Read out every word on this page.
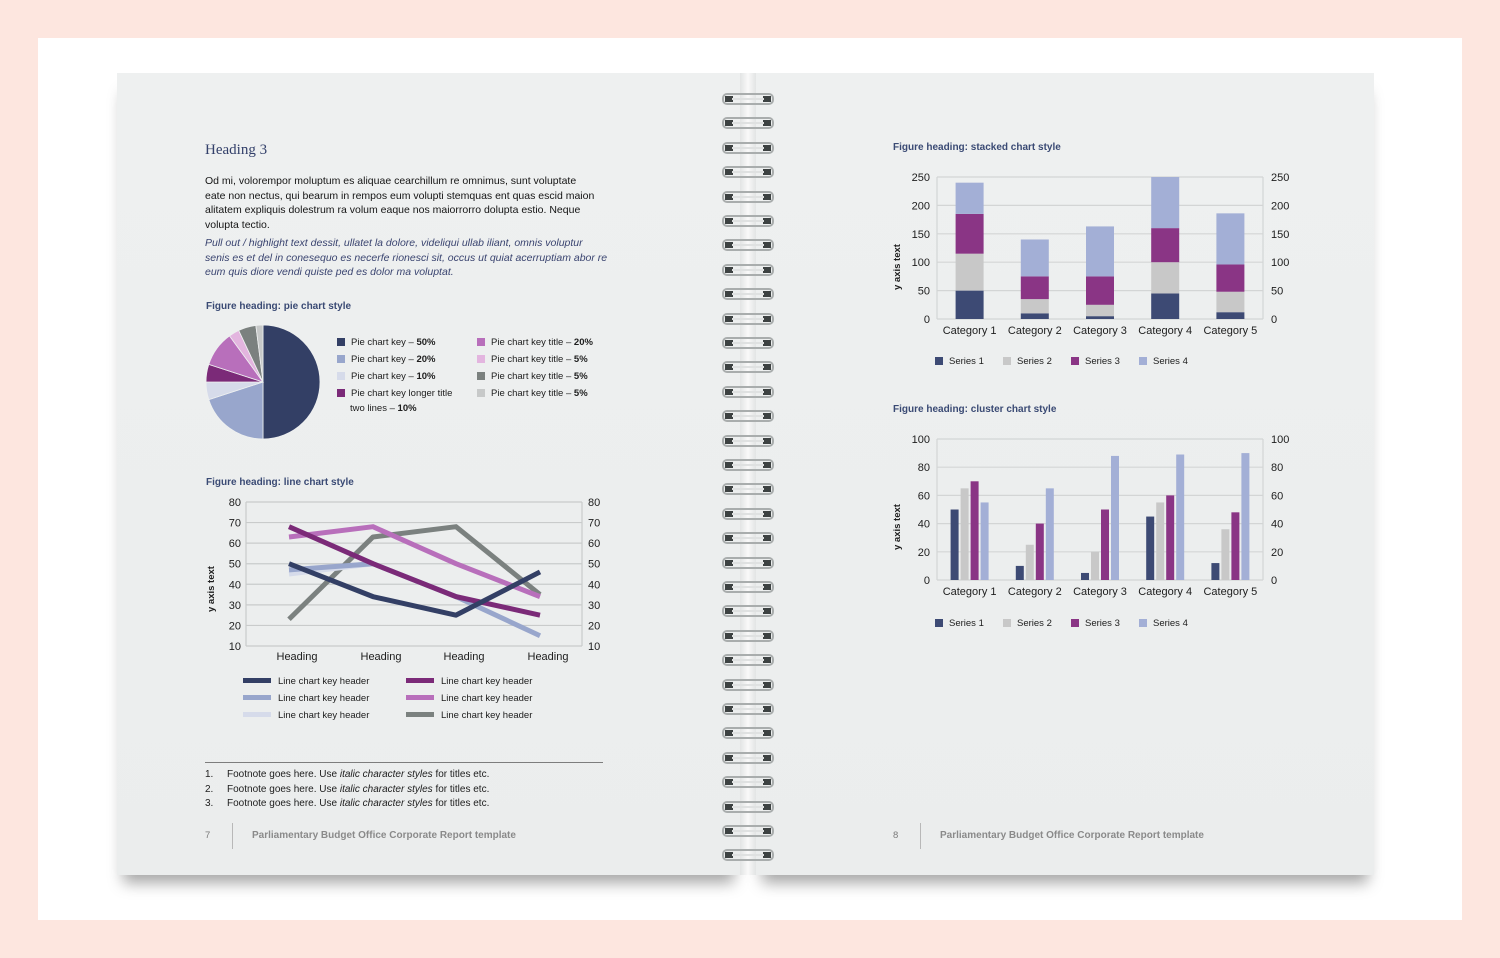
Heading 3
Od mi, volorempor moluptum es aliquae cearchillum re omnimus, sunt voluptate
eate non nectus, qui bearum in rempos eum volupti stemquas ent quas escid maion
alitatem expliquis dolestrum ra volum eaque nos maiorrorro dolupta estio. Neque
volupta tectio.
Pull out / highlight text dessit, ullatet la dolore, videliqui ullab iliant, omnis voluptur
senis es et del in conesequo es necerfe rionesci sit, occus ut quiat acerruptiam abor re
eum quis diore vendi quiste ped es dolor ma voluptat.
Figure heading: pie chart style
Pie chart key – 50%
Pie chart key – 20%
Pie chart key – 10%
Pie chart key longer title
two lines – 10%
Pie chart key title – 20%
Pie chart key title – 5%
Pie chart key title – 5%
Pie chart key title – 5%
Figure heading: line chart style
80	80
70	70
60	60
50	50
40	40
30	30
20	20
10	10
Heading	Heading	Heading	Heading
y axis text
Line chart key header
Line chart key header
Line chart key header
Line chart key header
Line chart key header
Line chart key header
1. Footnote goes here. Use italic character styles for titles etc.
2. Footnote goes here. Use italic character styles for titles etc.
3. Footnote goes here. Use italic character styles for titles etc.
7	Parliamentary Budget Office Corporate Report template
Figure heading: stacked chart style
250	250
200	200
150	150
100	100
50	50
0	0
Category 1 Category 2 Category 3 Category 4 Category 5
y axis text
Series 1	Series 2	Series 3	Series 4
Figure heading: cluster chart style
100	100
80	80
60	60
40	40
20	20
0	0
Category 1 Category 2 Category 3 Category 4 Category 5
y axis text
Series 1	Series 2	Series 3	Series 4
8	Parliamentary Budget Office Corporate Report template
